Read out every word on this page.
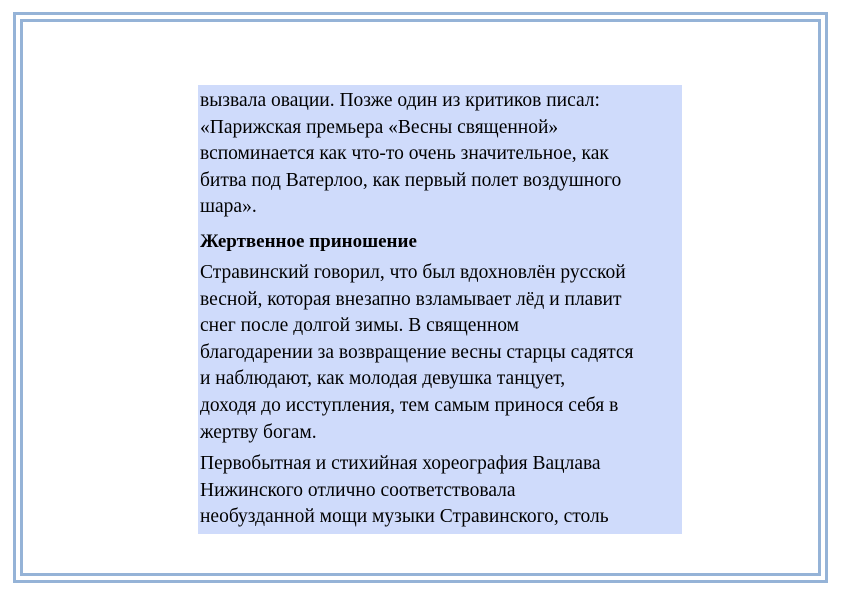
вызвала овации. Позже один из критиков писал:
«Парижская премьера «Весны священной»
вспоминается как что-то очень значительное, как
битва под Ватерлоо, как первый полет воздушного
шара».

Жертвенное приношение

Стравинский говорил, что был вдохновлён русской
весной, которая внезапно взламывает лёд и плавит
снег после долгой зимы. В священном
благодарении за возвращение весны старцы садятся
и наблюдают, как молодая девушка танцует,
доходя до исступления, тем самым принося себя в
жертву богам.

Первобытная и стихийная хореография Вацлава
Нижинского отлично соответствовала
необузданной мощи музыки Стравинского, столь
